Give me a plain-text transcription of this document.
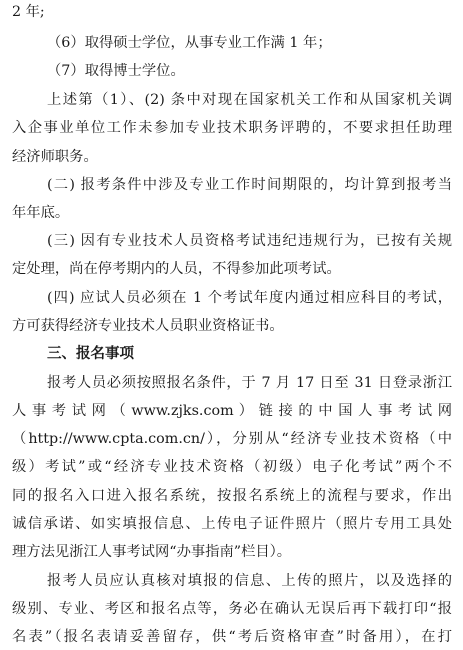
2 年;
（6）取得硕士学位，从事专业工作满 1 年；
（7）取得博士学位。
上述第（1）、(2) 条中对现在国家机关工作和从国家机关调
入企事业单位工作未参加专业技术职务评聘的，不要求担任助理
经济师职务。
(二) 报考条件中涉及专业工作时间期限的，均计算到报考当
年年底。
(三) 因有专业技术人员资格考试违纪违规行为，已按有关规
定处理，尚在停考期内的人员，不得参加此项考试。
(四) 应试人员必须在 1 个考试年度内通过相应科目的考试，
方可获得经济专业技术人员职业资格证书。
三、报名事项
报考人员必须按照报名条件，于 7 月 17 日至 31 日登录浙江
人 事 考 试 网 （ www.zjks.com ） 链 接 的 中 国 人 事 考 试 网
（http://www.cpta.com.cn/），分别从“经济专业技术资格（中
级）考试”或“经济专业技术资格（初级）电子化考试”两个不
同的报名入口进入报名系统，按报名系统上的流程与要求，作出
诚信承诺、如实填报信息、上传电子证件照片（照片专用工具处
理方法见浙江人事考试网“办事指南”栏目）。
报考人员应认真核对填报的信息、上传的照片，以及选择的
级别、专业、考区和报名点等，务必在确认无误后再下载打印“报
名表”（报名表请妥善留存，供“考后资格审查”时备用），在打
